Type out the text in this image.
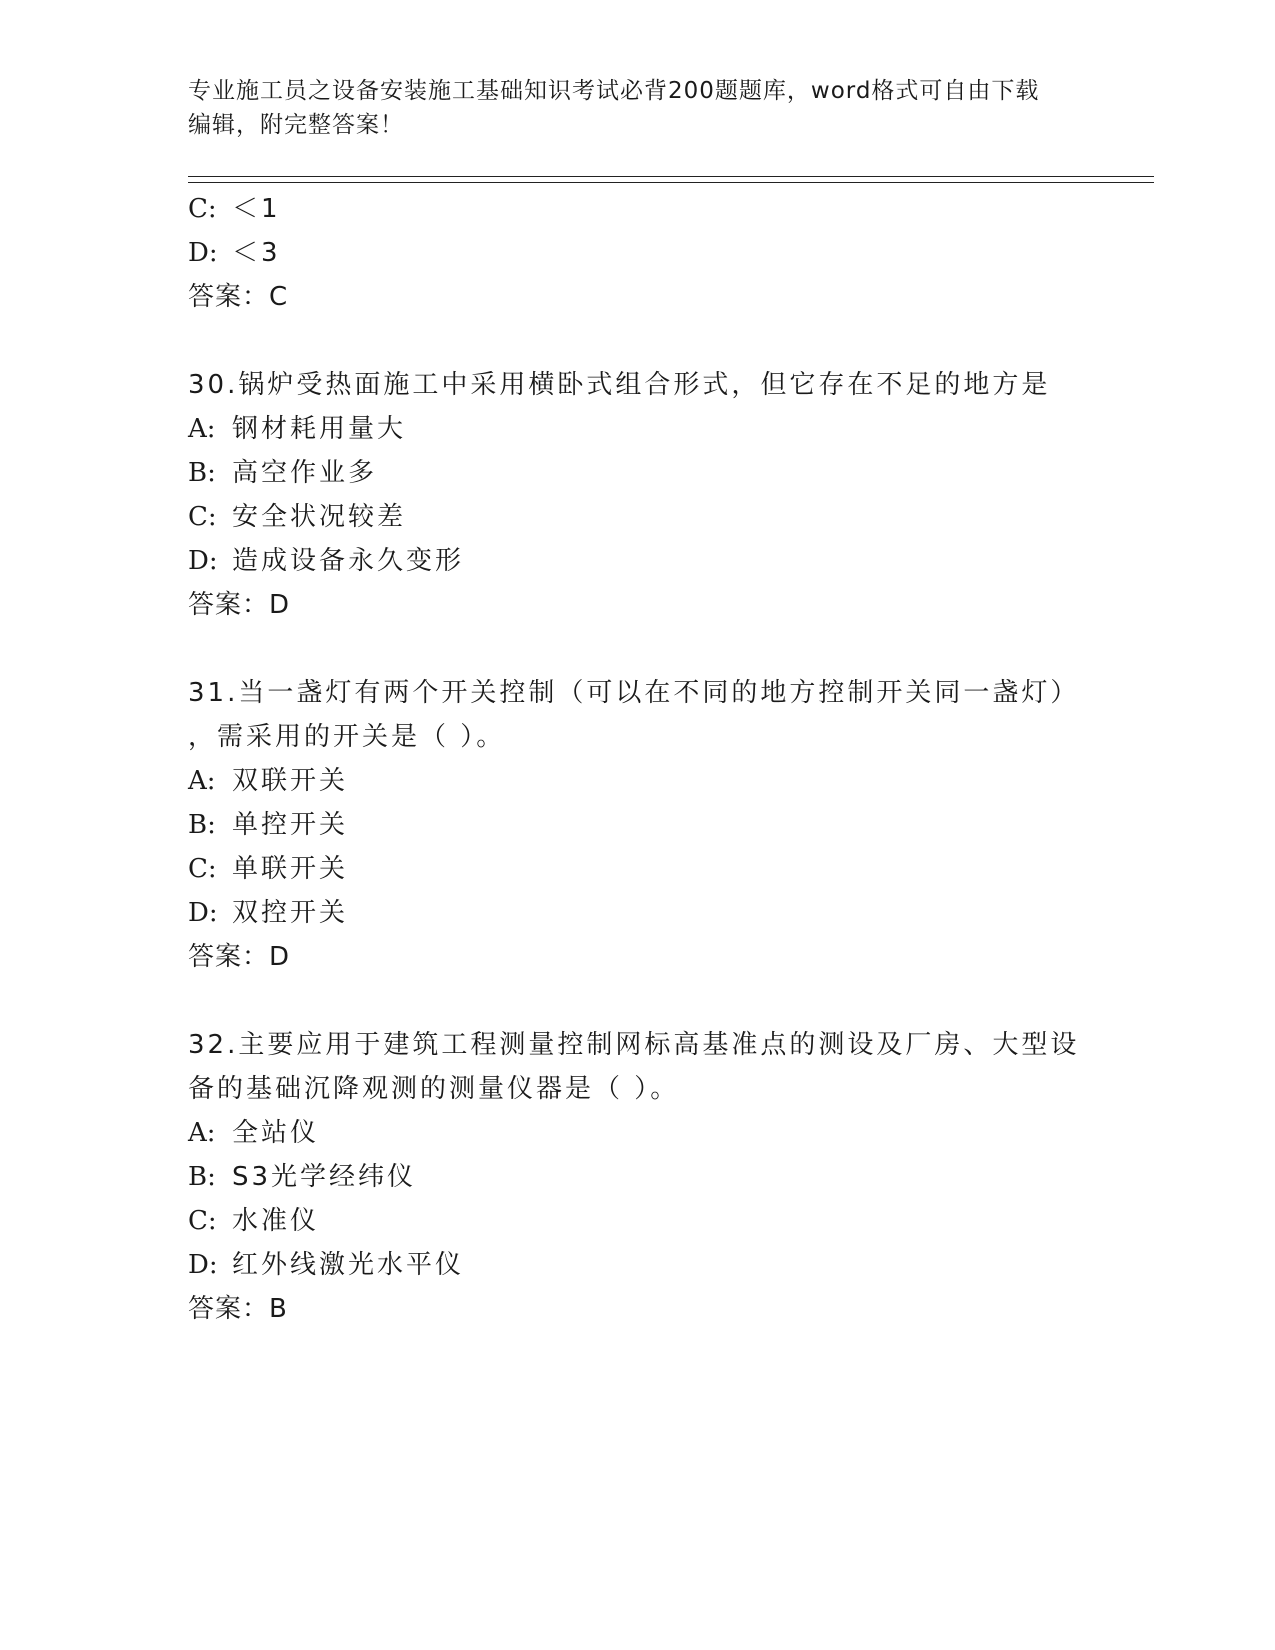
专业施工员之设备安装施工基础知识考试必背200题题库，word格式可自由下载
编辑，附完整答案！
C: ＜1
D: ＜3
答案：C
30.锅炉受热面施工中采用横卧式组合形式，但它存在不足的地方是
A: 钢材耗用量大
B: 高空作业多
C: 安全状况较差
D: 造成设备永久变形
答案：D
31.当一盏灯有两个开关控制（可以在不同的地方控制开关同一盏灯）
，需采用的开关是（ ）。
A: 双联开关
B: 单控开关
C: 单联开关
D: 双控开关
答案：D
32.主要应用于建筑工程测量控制网标高基准点的测设及厂房、大型设
备的基础沉降观测的测量仪器是（ ）。
A: 全站仪
B: S3光学经纬仪
C: 水准仪
D: 红外线激光水平仪
答案：B
